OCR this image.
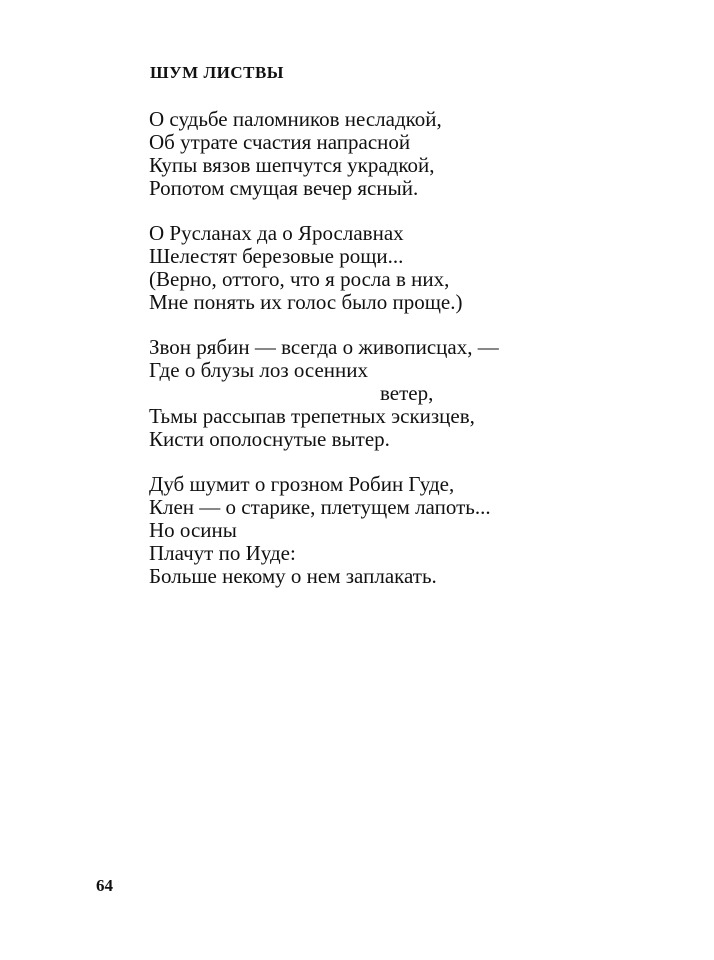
ШУМ ЛИСТВЫ
О судьбе паломников несладкой,
Об утрате счастия напрасной
Купы вязов шепчутся украдкой,
Ропотом смущая вечер ясный.
О Русланах да о Ярославнах
Шелестят березовые рощи...
(Верно, оттого, что я росла в них,
Мне понять их голос было проще.)
Звон рябин — всегда о живописцах, —
Где о блузы лоз осенних
ветер,
Тьмы рассыпав трепетных эскизцев,
Кисти ополоснутые вытер.
Дуб шумит о грозном Робин Гуде,
Клен — о старике, плетущем лапоть...
Но осины
Плачут по Иуде:
Больше некому о нем заплакать.
64
